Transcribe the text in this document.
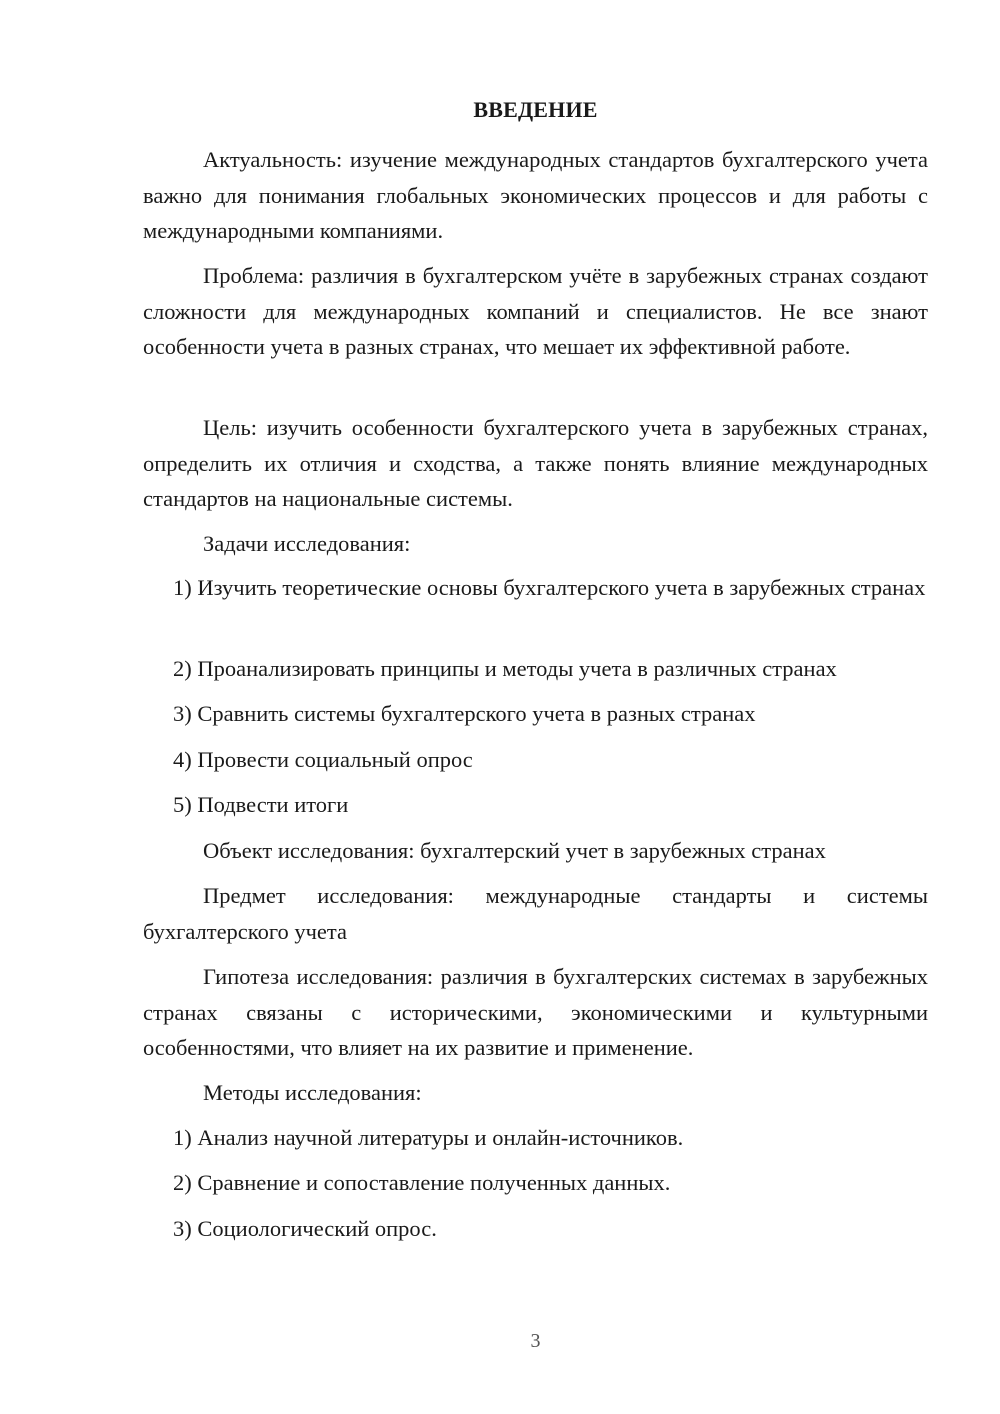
ВВЕДЕНИЕ

Актуальность: изучение международных стандартов бухгалтерского учета важно для понимания глобальных экономических процессов и для работы с международными компаниями.

Проблема: различия в бухгалтерском учёте в зарубежных странах создают сложности для международных компаний и специалистов. Не все знают особенности учета в разных странах, что мешает их эффективной работе.

Цель: изучить особенности бухгалтерского учета в зарубежных странах, определить их отличия и сходства, а также понять влияние международных стандартов на национальные системы.

Задачи исследования:

1) Изучить теоретические основы бухгалтерского учета в зарубежных странах

2) Проанализировать принципы и методы учета в различных странах

3) Сравнить системы бухгалтерского учета в разных странах

4) Провести социальный опрос

5) Подвести итоги

Объект исследования: бухгалтерский учет в зарубежных странах

Предмет исследования: международные стандарты и системы бухгалтерского учета

Гипотеза исследования: различия в бухгалтерских системах в зарубежных странах связаны с историческими, экономическими и культурными особенностями, что влияет на их развитие и применение.

Методы исследования:

1) Анализ научной литературы и онлайн-источников.

2) Сравнение и сопоставление полученных данных.

3) Социологический опрос.

3
